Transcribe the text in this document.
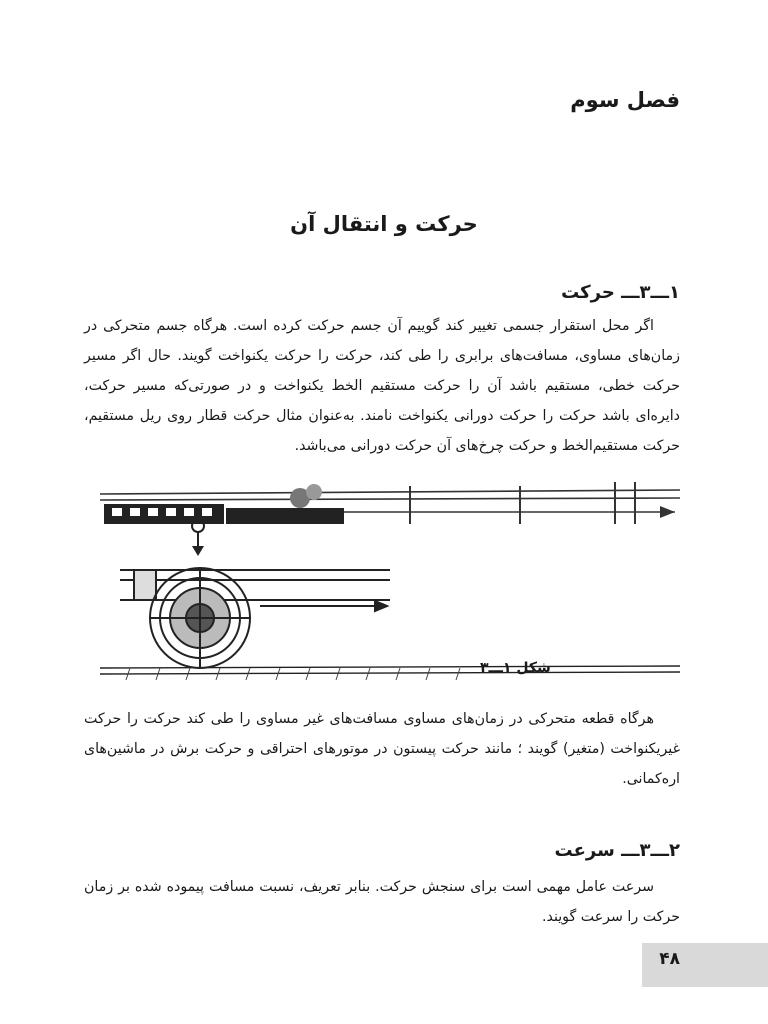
فصل سوم
حرکت و انتقال آن
۱ـــ۳ـــ حرکت

اگر محل استقرار جسمی تغییر کند گوییم آن جسم حرکت کرده است. هرگاه جسم متحرکی در زمان‌های مساوی، مسافت‌های برابری را طی کند، حرکت را حرکت یکنواخت گویند. حال اگر مسیر حرکت خطی، مستقیم باشد آن را حرکت مستقیم الخط یکنواخت و در صورتی‌که مسیر حرکت، دایره‌ای باشد حرکت را حرکت دورانی یکنواخت نامند. به‌عنوان مثال حرکت قطار روی ریل مستقیم، حرکت مستقیم‌الخط و حرکت چرخ‌های آن حرکت دورانی می‌باشد.

شکل ۱ـــ۳

هرگاه قطعه متحرکی در زمان‌های مساوی مسافت‌های غیر مساوی را طی کند حرکت را حرکت غیریکنواخت (متغیر) گویند ؛ مانند حرکت پیستون در موتورهای احتراقی و حرکت برش در ماشین‌های اره‌کمانی.

۲ـــ۳ـــ سرعت

سرعت عامل مهمی است برای سنجش حرکت. بنابر تعریف، نسبت مسافت پیموده شده بر زمان حرکت را سرعت گویند.

۴۸
